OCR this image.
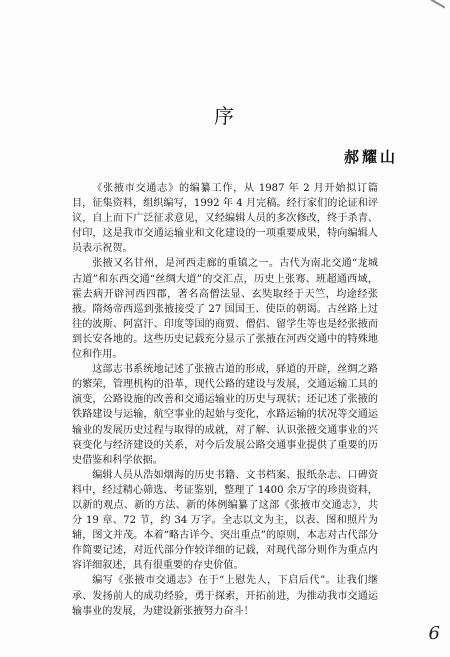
序
郝耀山

《张掖市交通志》的编纂工作，从 1987 年 2 月开始拟订篇目，征集资料，组织编写，1992 年 4 月完稿。经行家们的论证和评议，自上而下广泛征求意见，又经编辑人员的多次修改，终于杀青、付印，这是我市交通运输业和文化建设的一项重要成果，特向编辑人员表示祝贺。

张掖又名甘州，是河西走廊的重镇之一。古代为南北交通“龙城古道”和东西交通“丝绸大道”的交汇点，历史上张骞、班超通西域，霍去病开辟河西四郡，著名高僧法显、玄奘取经于天竺，均途经张掖。隋炀帝西巡到张掖接受了 27 国国王、使臣的朝谒。古丝路上过往的波斯、阿富汗、印度等国的商贾、僧侣、留学生等也是经张掖而到长安各地的。这些历史记载充分显示了张掖在河西交通中的特殊地位和作用。

这部志书系统地记述了张掖古道的形成，驿道的开辟，丝绸之路的繁荣，管理机构的沿革，现代公路的建设与发展，交通运输工具的演变，公路设施的改善和交通运输业的历史与现状；还记述了张掖的铁路建设与运输，航空事业的起始与变化，水路运输的状况等交通运输业的发展历史过程与取得的成就，对了解、认识张掖交通事业的兴衰变化与经济建设的关系，对今后发展公路交通事业提供了重要的历史借鉴和科学依据。

编辑人员从浩如烟海的历史书籍、文书档案、报纸杂志、口碑资料中，经过精心筛选、考证鉴别，整理了 1400 余万字的珍贵资料，以新的观点、新的方法、新的体例编纂了这部《张掖市交通志》，共分 19 章、72 节，约 34 万字。全志以文为主，以表、图和照片为辅，图文并茂。本着“略古详今、突出重点”的原则，本志对古代部分作简要记述，对近代部分作较详细的记载，对现代部分则作为重点内容详细叙述，具有很重要的存史价值。

编写《张掖市交通志》在于“上慰先人，下启后代”。让我们继承、发扬前人的成功经验，勇于探索，开拓前进，为推动我市交通运输事业的发展，为建设新张掖努力奋斗！

6
